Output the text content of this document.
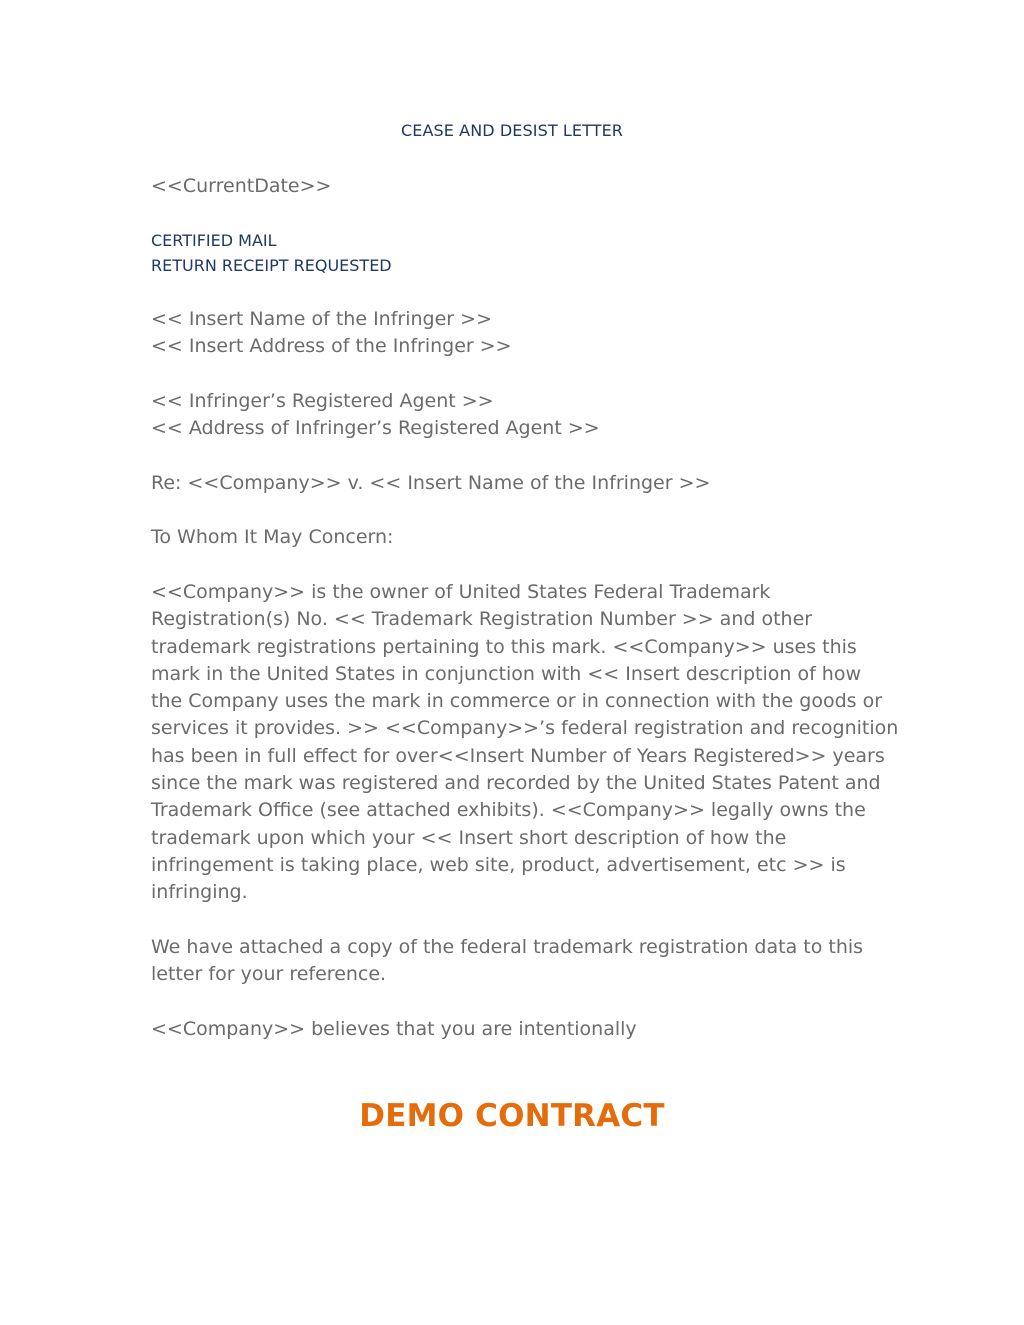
CEASE AND DESIST LETTER

<<CurrentDate>>

CERTIFIED MAIL
RETURN RECEIPT REQUESTED

<< Insert Name of the Infringer >>
<< Insert Address of the Infringer >>

<< Infringer’s Registered Agent >>
<< Address of Infringer’s Registered Agent >>

Re: <<Company>> v. << Insert Name of the Infringer >>

To Whom It May Concern:

<<Company>> is the owner of United States Federal Trademark
Registration(s) No. << Trademark Registration Number >> and other
trademark registrations pertaining to this mark. <<Company>> uses this
mark in the United States in conjunction with << Insert description of how
the Company uses the mark in commerce or in connection with the goods or
services it provides. >> <<Company>>’s federal registration and recognition
has been in full effect for over<<Insert Number of Years Registered>> years
since the mark was registered and recorded by the United States Patent and
Trademark Office (see attached exhibits). <<Company>> legally owns the
trademark upon which your << Insert short description of how the
infringement is taking place, web site, product, advertisement, etc >> is
infringing.

We have attached a copy of the federal trademark registration data to this
letter for your reference.

<<Company>> believes that you are intentionally

DEMO CONTRACT
